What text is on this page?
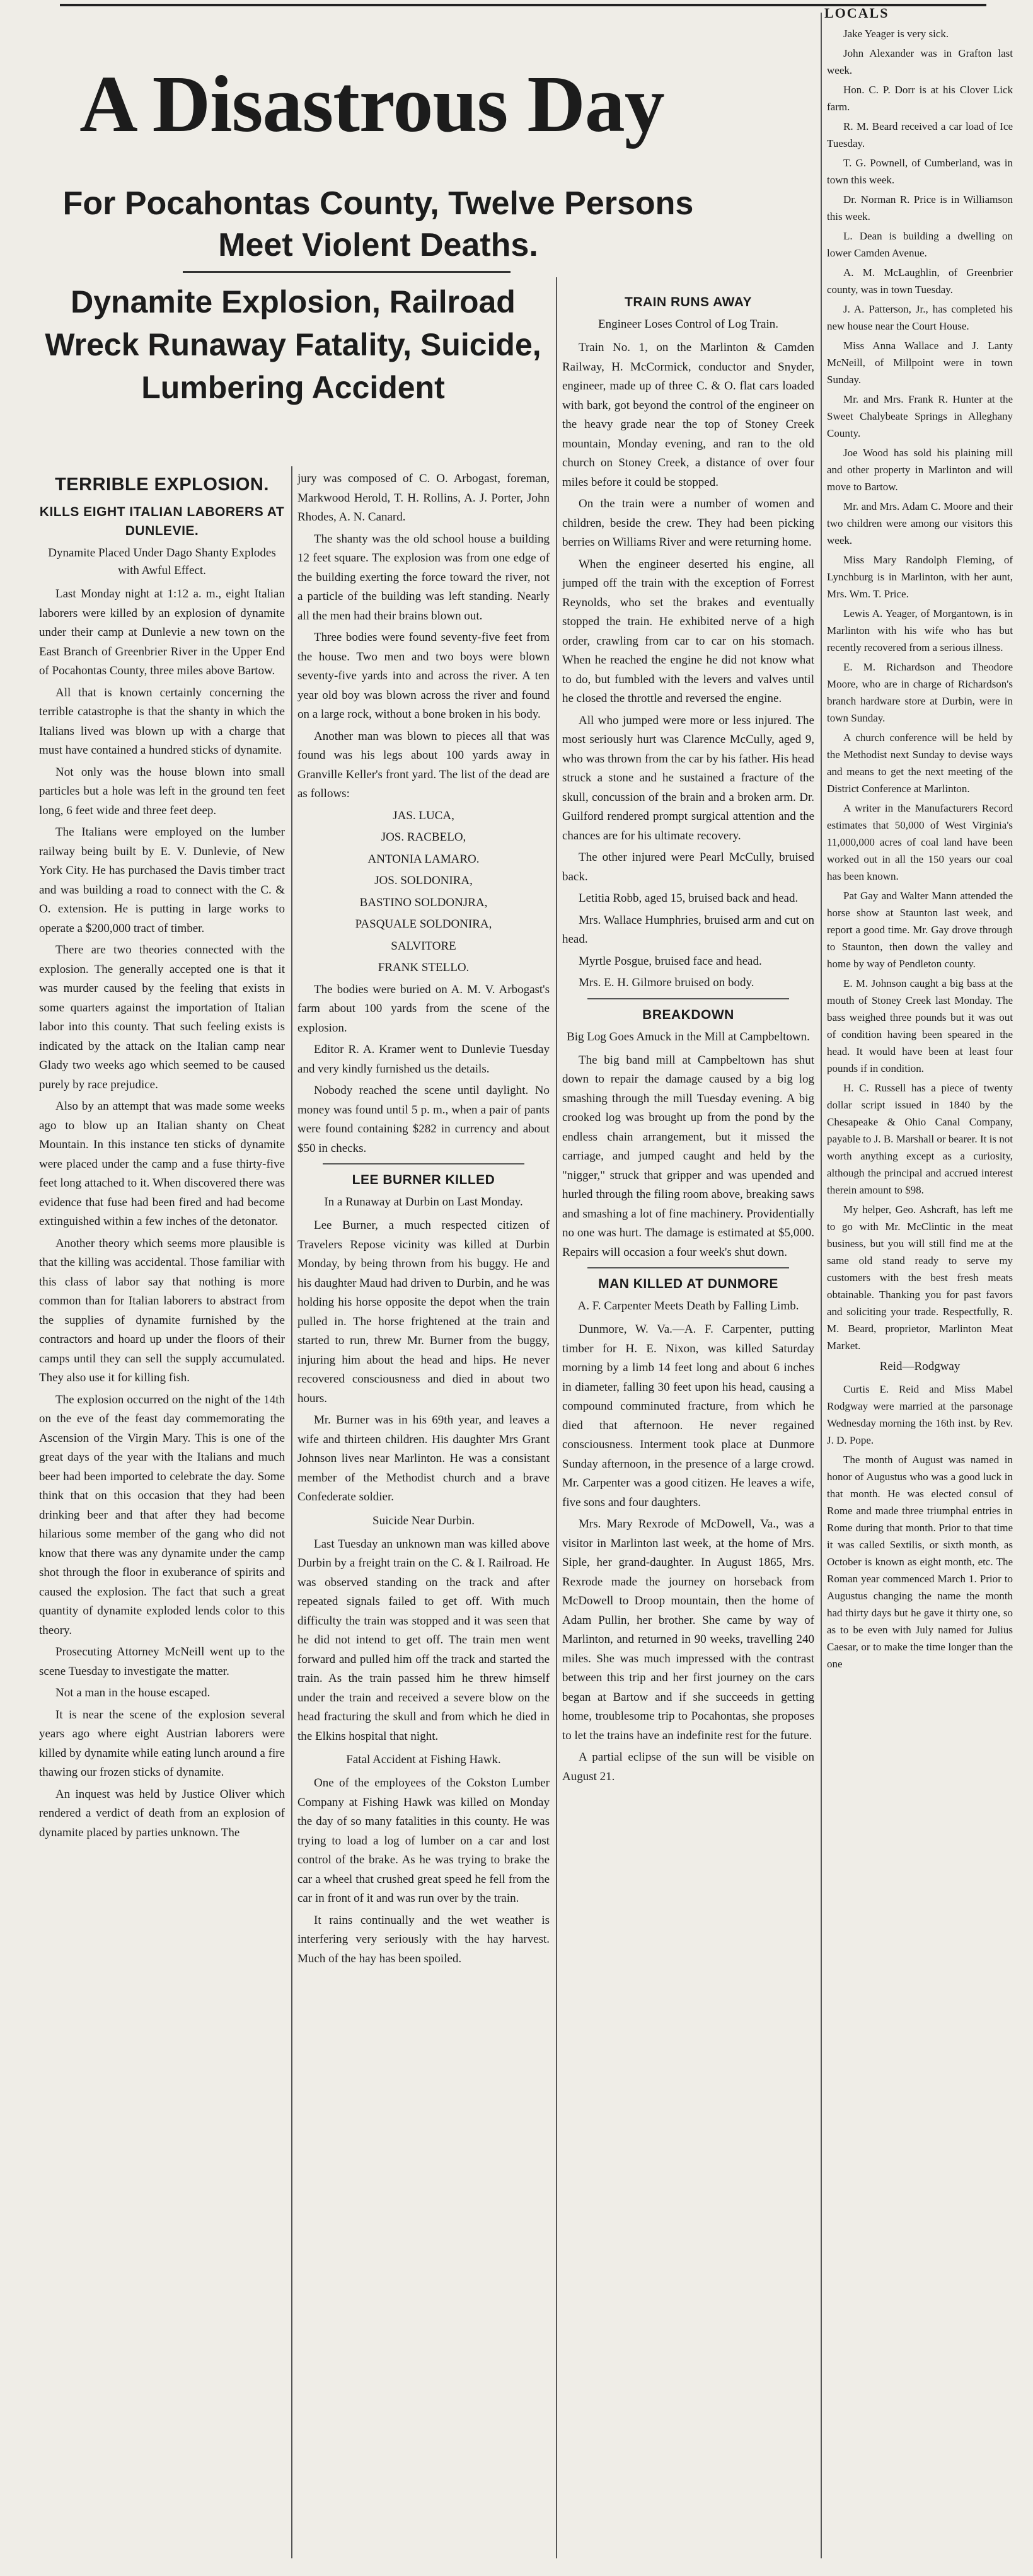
LOCALS
A Disastrous Day
For Pocahontas County, Twelve Persons Meet Violent Deaths.
Dynamite Explosion, Railroad Wreck Runaway Fatality, Suicide, Lumbering Accident
TERRIBLE EXPLOSION.
KILLS EIGHT ITALIAN LABORERS AT DUNLEVIE.
Dynamite Placed Under Dago Shanty Explodes with Awful Effect.

Last Monday night at 1:12 a. m., eight Italian laborers were killed by an explosion of dynamite under their camp at Dunlevie a new town on the East Branch of Greenbrier River in the Upper End of Pocahontas County, three miles above Bartow.

All that is known certainly concerning the terrible catastrophe is that the shanty in which the Italians lived was blown up with a charge that must have contained a hundred sticks of dynamite.

Not only was the house blown into small particles but a hole was left in the ground ten feet long, 6 feet wide and three feet deep.

The Italians were employed on the lumber railway being built by E. V. Dunlevie, of New York City. He has purchased the Davis timber tract and was building a road to connect with the C. & O. extension. He is putting in large works to operate a $200,000 tract of timber.

There are two theories connected with the explosion. The generally accepted one is that it was murder caused by the feeling that exists in some quarters against the importation of Italian labor into this county. That such feeling exists is indicated by the attack on the Italian camp near Glady two weeks ago which seemed to be caused purely by race prejudice.

Also by an attempt that was made some weeks ago to blow up an Italian shanty on Cheat Mountain. In this instance ten sticks of dynamite were placed under the camp and a fuse thirty-five feet long attached to it. When discovered there was evidence that fuse had been fired and had become extinguished within a few inches of the detonator.

Another theory which seems more plausible is that the killing was accidental. Those familiar with this class of labor say that nothing is more common than for Italian laborers to abstract from the supplies of dynamite furnished by the contractors and hoard up under the floors of their camps until they can sell the supply accumulated. They also use it for killing fish.

The explosion occurred on the night of the 14th on the eve of the feast day commemorating the Ascension of the Virgin Mary. This is one of the great days of the year with the Italians and much beer had been imported to celebrate the day. Some think that on this occasion that they had been drinking beer and that after they had become hilarious some member of the gang who did not know that there was any dynamite under the camp shot through the floor in exuberance of spirits and caused the explosion. The fact that such a great quantity of dynamite exploded lends color to this theory.

Prosecuting Attorney McNeill went up to the scene Tuesday to investigate the matter.

Not a man in the house escaped.

It is near the scene of the explosion several years ago where eight Austrian laborers were killed by dynamite while eating lunch around a fire thawing our frozen sticks of dynamite.

An inquest was held by Justice Oliver which rendered a verdict of death from an explosion of dynamite placed by parties unknown. The

jury was composed of C. O. Arbogast, foreman, Markwood Herold, T. H. Rollins, A. J. Porter, John Rhodes, A. N. Canard.

The shanty was the old school house a building 12 feet square. The explosion was from one edge of the building exerting the force toward the river, not a particle of the building was left standing. Nearly all the men had their brains blown out.

Three bodies were found seventy-five feet from the house. Two men and two boys were blown seventy-five yards into and across the river. A ten year old boy was blown across the river and found on a large rock, without a bone broken in his body.

Another man was blown to pieces all that was found was his legs about 100 yards away in Granville Keller's front yard. The list of the dead are as follows:

JAS. LUCA,

JOS. RACBELO,

ANTONIA LAMARO.

JOS. SOLDONIRA,

BASTINO SOLDONJRA,

PASQUALE SOLDONIRA,

SALVITORE

FRANK STELLO.

The bodies were buried on A. M. V. Arbogast's farm about 100 yards from the scene of the explosion.

Editor R. A. Kramer went to Dunlevie Tuesday and very kindly furnished us the details.

Nobody reached the scene until daylight. No money was found until 5 p. m., when a pair of pants were found containing $282 in currency and about $50 in checks.

LEE BURNER KILLED
In a Runaway at Durbin on Last Monday.

Lee Burner, a much respected citizen of Travelers Repose vicinity was killed at Durbin Monday, by being thrown from his buggy. He and his daughter Maud had driven to Durbin, and he was holding his horse opposite the depot when the train pulled in. The horse frightened at the train and started to run, threw Mr. Burner from the buggy, injuring him about the head and hips. He never recovered consciousness and died in about two hours.

Mr. Burner was in his 69th year, and leaves a wife and thirteen children. His daughter Mrs Grant Johnson lives near Marlinton. He was a consistant member of the Methodist church and a brave Confederate soldier.

Suicide Near Durbin.

Last Tuesday an unknown man was killed above Durbin by a freight train on the C. & I. Railroad. He was observed standing on the track and after repeated signals failed to get off. With much difficulty the train was stopped and it was seen that he did not intend to get off. The train men went forward and pulled him off the track and started the train. As the train passed him he threw himself under the train and received a severe blow on the head fracturing the skull and from which he died in the Elkins hospital that night.

Fatal Accident at Fishing Hawk.

One of the employees of the Cokston Lumber Company at Fishing Hawk was killed on Monday the day of so many fatalities in this county. He was trying to load a log of lumber on a car and lost control of the brake. As he was trying to brake the car a wheel that crushed great speed he fell from the car in front of it and was run over by the train.

It rains continually and the wet weather is interfering very seriously with the hay harvest. Much of the hay has been spoiled.

TRAIN RUNS AWAY
Engineer Loses Control of Log Train.

Train No. 1, on the Marlinton & Camden Railway, H. McCormick, conductor and Snyder, engineer, made up of three C. & O. flat cars loaded with bark, got beyond the control of the engineer on the heavy grade near the top of Stoney Creek mountain, Monday evening, and ran to the old church on Stoney Creek, a distance of over four miles before it could be stopped.

On the train were a number of women and children, beside the crew. They had been picking berries on Williams River and were returning home.

When the engineer deserted his engine, all jumped off the train with the exception of Forrest Reynolds, who set the brakes and eventually stopped the train. He exhibited nerve of a high order, crawling from car to car on his stomach. When he reached the engine he did not know what to do, but fumbled with the levers and valves until he closed the throttle and reversed the engine.

All who jumped were more or less injured. The most seriously hurt was Clarence McCully, aged 9, who was thrown from the car by his father. His head struck a stone and he sustained a fracture of the skull, concussion of the brain and a broken arm. Dr. Guilford rendered prompt surgical attention and the chances are for his ultimate recovery.

The other injured were Pearl McCully, bruised back.

Letitia Robb, aged 15, bruised back and head.

Mrs. Wallace Humphries, bruised arm and cut on head.

Myrtle Posgue, bruised face and head.

Mrs. E. H. Gilmore bruised on body.

BREAKDOWN
Big Log Goes Amuck in the Mill at Campbeltown.

The big band mill at Campbeltown has shut down to repair the damage caused by a big log smashing through the mill Tuesday evening. A big crooked log was brought up from the pond by the endless chain arrangement, but it missed the carriage, and jumped caught and held by the "nigger," struck that gripper and was upended and hurled through the filing room above, breaking saws and smashing a lot of fine machinery. Providentially no one was hurt. The damage is estimated at $5,000. Repairs will occasion a four week's shut down.

MAN KILLED AT DUNMORE
A. F. Carpenter Meets Death by Falling Limb.

Dunmore, W. Va.—A. F. Carpenter, putting timber for H. E. Nixon, was killed Saturday morning by a limb 14 feet long and about 6 inches in diameter, falling 30 feet upon his head, causing a compound comminuted fracture, from which he died that afternoon. He never regained consciousness. Interment took place at Dunmore Sunday afternoon, in the presence of a large crowd. Mr. Carpenter was a good citizen. He leaves a wife, five sons and four daughters.

Mrs. Mary Rexrode of McDowell, Va., was a visitor in Marlinton last week, at the home of Mrs. Siple, her grand-daughter. In August 1865, Mrs. Rexrode made the journey on horseback from McDowell to Droop mountain, then the home of Adam Pullin, her brother. She came by way of Marlinton, and returned in 90 weeks, travelling 240 miles. She was much impressed with the contrast between this trip and her first journey on the cars began at Bartow and if she succeeds in getting home, troublesome trip to Pocahontas, she proposes to let the trains have an indefinite rest for the future.

A partial eclipse of the sun will be visible on August 21.

Jake Yeager is very sick.

John Alexander was in Grafton last week.

Hon. C. P. Dorr is at his Clover Lick farm.

R. M. Beard received a car load of Ice Tuesday.

T. G. Pownell, of Cumberland, was in town this week.

Dr. Norman R. Price is in Williamson this week.

L. Dean is building a dwelling on lower Camden Avenue.

A. M. McLaughlin, of Greenbrier county, was in town Tuesday.

J. A. Patterson, Jr., has completed his new house near the Court House.

Miss Anna Wallace and J. Lanty McNeill, of Millpoint were in town Sunday.

Mr. and Mrs. Frank R. Hunter at the Sweet Chalybeate Springs in Alleghany County.

Joe Wood has sold his plaining mill and other property in Marlinton and will move to Bartow.

Mr. and Mrs. Adam C. Moore and their two children were among our visitors this week.

Miss Mary Randolph Fleming, of Lynchburg is in Marlinton, with her aunt, Mrs. Wm. T. Price.

Lewis A. Yeager, of Morgantown, is in Marlinton with his wife who has but recently recovered from a serious illness.

E. M. Richardson and Theodore Moore, who are in charge of Richardson's branch hardware store at Durbin, were in town Sunday.

A church conference will be held by the Methodist next Sunday to devise ways and means to get the next meeting of the District Conference at Marlinton.

A writer in the Manufacturers Record estimates that 50,000 of West Virginia's 11,000,000 acres of coal land have been worked out in all the 150 years our coal has been known.

Pat Gay and Walter Mann attended the horse show at Staunton last week, and report a good time. Mr. Gay drove through to Staunton, then down the valley and home by way of Pendleton county.

E. M. Johnson caught a big bass at the mouth of Stoney Creek last Monday. The bass weighed three pounds but it was out of condition having been speared in the head. It would have been at least four pounds if in condition.

H. C. Russell has a piece of twenty dollar script issued in 1840 by the Chesapeake & Ohio Canal Company, payable to J. B. Marshall or bearer. It is not worth anything except as a curiosity, although the principal and accrued interest therein amount to $98.

My helper, Geo. Ashcraft, has left me to go with Mr. McClintic in the meat business, but you will still find me at the same old stand ready to serve my customers with the best fresh meats obtainable. Thanking you for past favors and soliciting your trade. Respectfully, R. M. Beard, proprietor, Marlinton Meat Market.

Reid—Rodgway

Curtis E. Reid and Miss Mabel Rodgway were married at the parsonage Wednesday morning the 16th inst. by Rev. J. D. Pope.

The month of August was named in honor of Augustus who was a good luck in that month. He was elected consul of Rome and made three triumphal entries in Rome during that month. Prior to that time it was called Sextilis, or sixth month, as October is known as eight month, etc. The Roman year commenced March 1. Prior to Augustus changing the name the month had thirty days but he gave it thirty one, so as to be even with July named for Julius Caesar, or to make the time longer than the one
